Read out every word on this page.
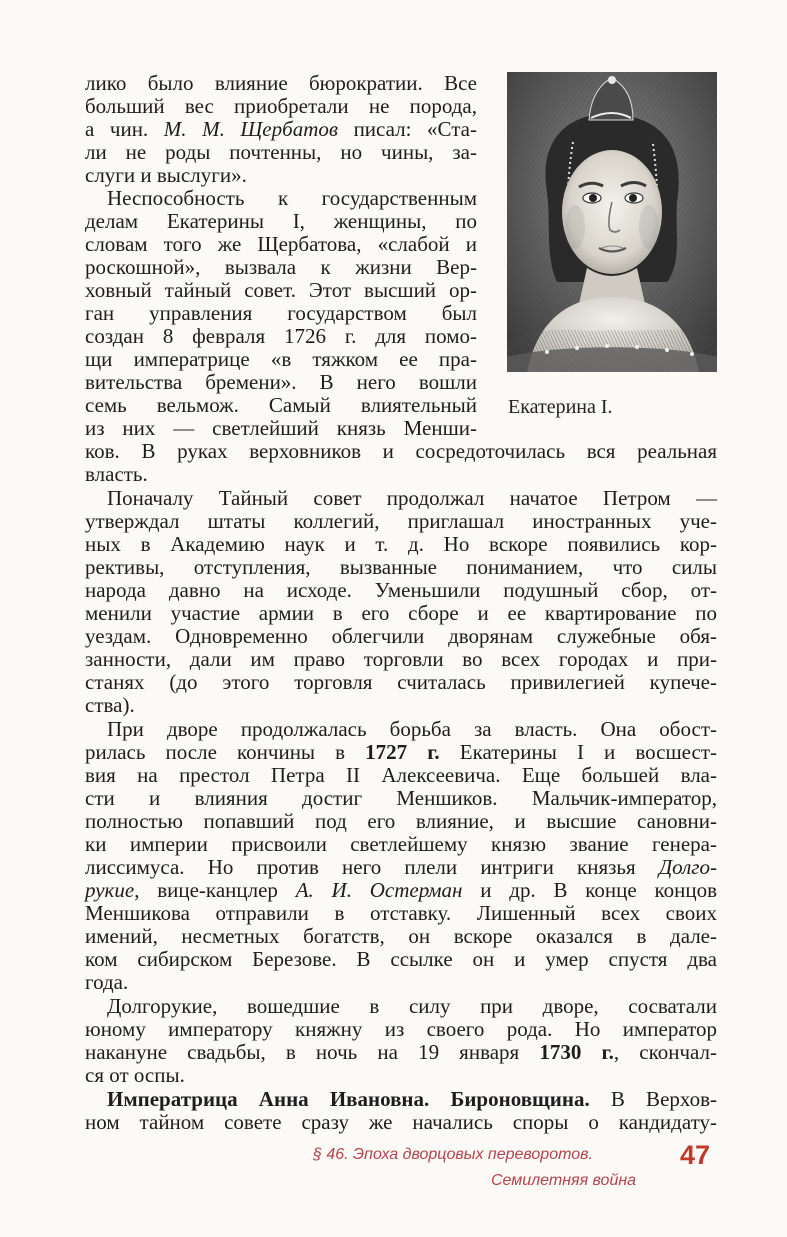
Екатерина I.

лико было влияние бюрократии. Все

больший вес приобретали не порода,

а чин. М. М. Щербатов писал: «Ста-

ли не роды почтенны, но чины, за-

слуги и выслуги».

Неспособность к государственным

делам Екатерины I, женщины, по

словам того же Щербатова, «слабой и

роскошной», вызвала к жизни Вер-

ховный тайный совет. Этот высший ор-

ган управления государством был

создан 8 февраля 1726 г. для помо-

щи императрице «в тяжком ее пра-

вительства бремени». В него вошли

семь вельмож. Самый влиятельный

из них — светлейший князь Менши-

ков. В руках верховников и сосредоточилась вся реальная

власть.

Поначалу Тайный совет продолжал начатое Петром —

утверждал штаты коллегий, приглашал иностранных уче-

ных в Академию наук и т. д. Но вскоре появились кор-

рективы, отступления, вызванные пониманием, что силы

народа давно на исходе. Уменьшили подушный сбор, от-

менили участие армии в его сборе и ее квартирование по

уездам. Одновременно облегчили дворянам служебные обя-

занности, дали им право торговли во всех городах и при-

станях (до этого торговля считалась привилегией купече-

ства).

При дворе продолжалась борьба за власть. Она обост-

рилась после кончины в 1727 г. Екатерины I и восшест-

вия на престол Петра II Алексеевича. Еще большей вла-

сти и влияния достиг Меншиков. Мальчик-император,

полностью попавший под его влияние, и высшие сановни-

ки империи присвоили светлейшему князю звание генера-

лиссимуса. Но против него плели интриги князья Долго-

рукие, вице-канцлер А. И. Остерман и др. В конце концов

Меншикова отправили в отставку. Лишенный всех своих

имений, несметных богатств, он вскоре оказался в дале-

ком сибирском Березове. В ссылке он и умер спустя два

года.

Долгорукие, вошедшие в силу при дворе, сосватали

юному императору княжну из своего рода. Но император

накануне свадьбы, в ночь на 19 января 1730 г., скончал-

ся от оспы.

Императрица Анна Ивановна. Бироновщина. В Верхов-

ном тайном совете сразу же начались споры о кандидату-

§ 46. Эпоха дворцовых переворотов.
Семилетняя война
47
